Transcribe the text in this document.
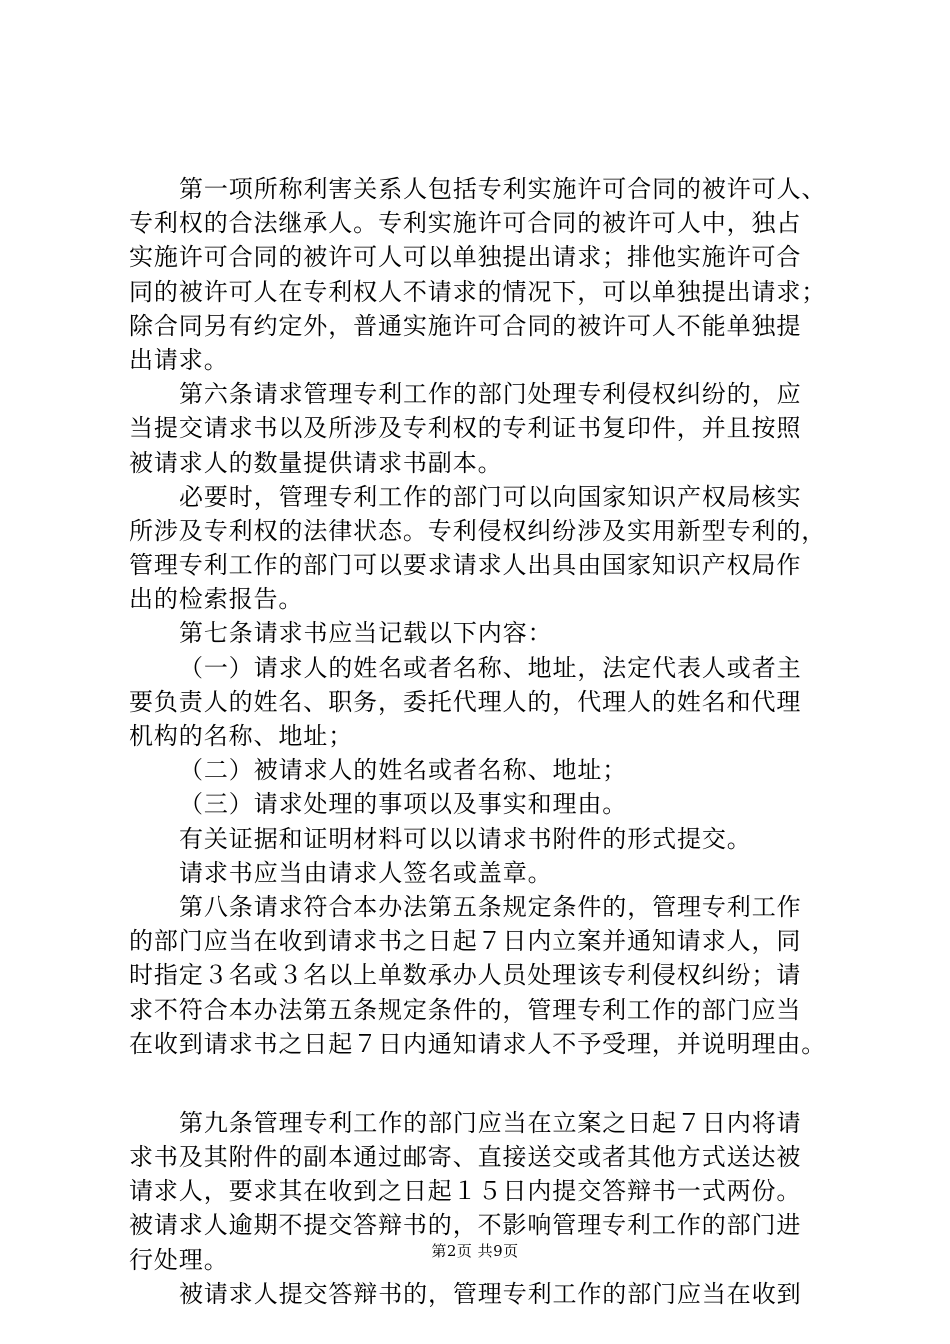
第一项所称利害关系人包括专利实施许可合同的被许可人、
专利权的合法继承人。专利实施许可合同的被许可人中，独占
实施许可合同的被许可人可以单独提出请求；排他实施许可合
同的被许可人在专利权人不请求的情况下，可以单独提出请求；
除合同另有约定外，普通实施许可合同的被许可人不能单独提
出请求。
第六条请求管理专利工作的部门处理专利侵权纠纷的，应
当提交请求书以及所涉及专利权的专利证书复印件，并且按照
被请求人的数量提供请求书副本。
必要时，管理专利工作的部门可以向国家知识产权局核实
所涉及专利权的法律状态。专利侵权纠纷涉及实用新型专利的，
管理专利工作的部门可以要求请求人出具由国家知识产权局作
出的检索报告。
第七条请求书应当记载以下内容：
（一）请求人的姓名或者名称、地址，法定代表人或者主
要负责人的姓名、职务，委托代理人的，代理人的姓名和代理
机构的名称、地址；
（二）被请求人的姓名或者名称、地址；
（三）请求处理的事项以及事实和理由。
有关证据和证明材料可以以请求书附件的形式提交。
请求书应当由请求人签名或盖章。
第八条请求符合本办法第五条规定条件的，管理专利工作
的部门应当在收到请求书之日起７日内立案并通知请求人，同
时指定３名或３名以上单数承办人员处理该专利侵权纠纷；请
求不符合本办法第五条规定条件的，管理专利工作的部门应当
在收到请求书之日起７日内通知请求人不予受理，并说明理由。
第九条管理专利工作的部门应当在立案之日起７日内将请
求书及其附件的副本通过邮寄、直接送交或者其他方式送达被
请求人，要求其在收到之日起１５日内提交答辩书一式两份。
被请求人逾期不提交答辩书的，不影响管理专利工作的部门进
行处理。
被请求人提交答辩书的，管理专利工作的部门应当在收到
第2页 共9页
